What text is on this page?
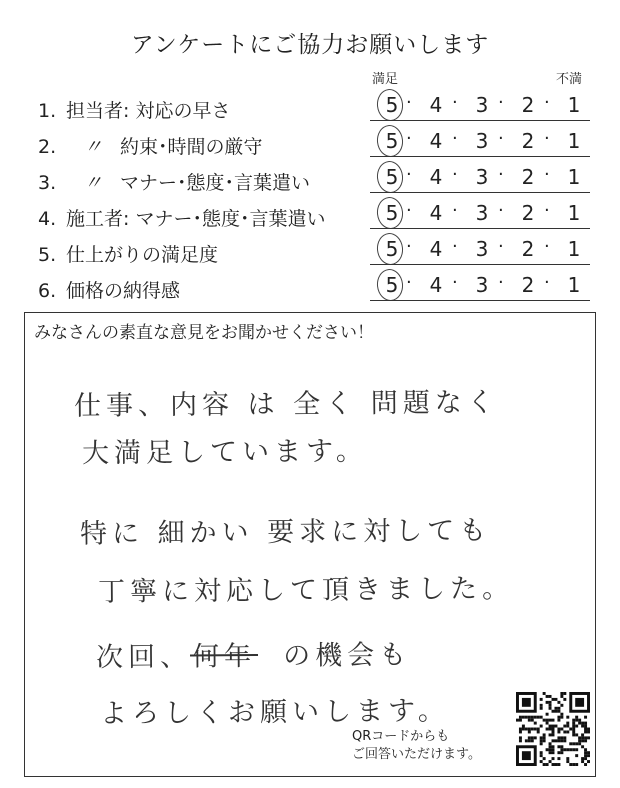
アンケートにご協力お願いします
満足	不満
1. 担当者: 対応の早さ	5 4 3 2 1
· · · ·
2. 〃 約束･時間の厳守	5 4 3 2 1
· · · ·
3. 〃 マナー･態度･言葉遣い	5 4 3 2 1
· · · ·
4. 施工者: マナー･態度･言葉遣い	5 4 3 2 1
· · · ·
5. 仕上がりの満足度	5 4 3 2 1
· · · ·
6. 価格の納得感	5 4 3 2 1
· · · ·
みなさんの素直な意見をお聞かせください！
仕事、内容 は 全く 問題なく
大満足しています。
特に 細かい 要求に対しても
丁寧に対応して頂きました。
次回、何年 の機会も
よろしくお願いします。
QRコードからも
ご回答いただけます。
